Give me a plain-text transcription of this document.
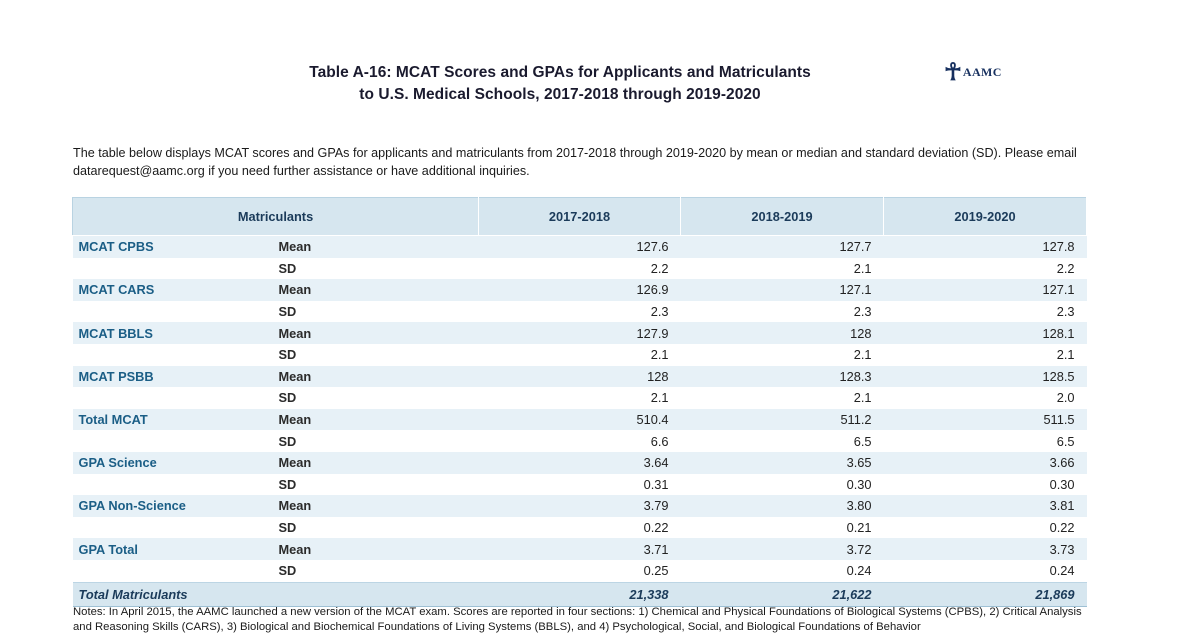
Table A-16: MCAT Scores and GPAs for Applicants and Matriculants
to U.S. Medical Schools, 2017-2018 through 2019-2020
☥AAMC
The table below displays MCAT scores and GPAs for applicants and matriculants from 2017-2018 through 2019-2020 by mean or median and standard deviation (SD). Please email datarequest@aamc.org if you need further assistance or have additional inquiries.
Matriculants		2017-2018	2018-2019	2019-2020
MCAT CPBS	Mean	127.6	127.7	127.8
	SD	2.2	2.1	2.2
MCAT CARS	Mean	126.9	127.1	127.1
	SD	2.3	2.3	2.3
MCAT BBLS	Mean	127.9	128	128.1
	SD	2.1	2.1	2.1
MCAT PSBB	Mean	128	128.3	128.5
	SD	2.1	2.1	2.0
Total MCAT	Mean	510.4	511.2	511.5
	SD	6.6	6.5	6.5
GPA Science	Mean	3.64	3.65	3.66
	SD	0.31	0.30	0.30
GPA Non-Science	Mean	3.79	3.80	3.81
	SD	0.22	0.21	0.22
GPA Total	Mean	3.71	3.72	3.73
	SD	0.25	0.24	0.24
Total Matriculants		21,338	21,622	21,869
Notes: In April 2015, the AAMC launched a new version of the MCAT exam. Scores are reported in four sections: 1) Chemical and Physical Foundations of Biological Systems (CPBS), 2) Critical Analysis and Reasoning Skills (CARS), 3) Biological and Biochemical Foundations of Living Systems (BBLS), and 4) Psychological, Social, and Biological Foundations of Behavior
